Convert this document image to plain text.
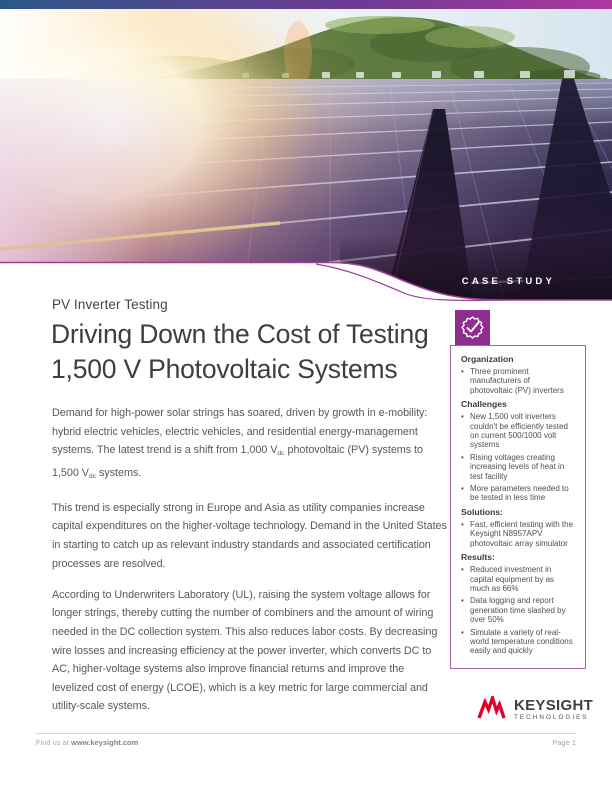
CASE STUDY
PV Inverter Testing
Driving Down the Cost of Testing
1,500 V Photovoltaic Systems

Demand for high-power solar strings has soared, driven by growth in e-mobility: hybrid electric vehicles, electric vehicles, and residential energy-management systems. The latest trend is a shift from 1,000 $V_{dc}$ photovoltaic (PV) systems to 1,500 $V_{dc}$ systems.

This trend is especially strong in Europe and Asia as utility companies increase capital expenditures on the higher-voltage technology. Demand in the United States in starting to catch up as relevant industry standards and associated certification processes are resolved.

According to Underwriters Laboratory (UL), raising the system voltage allows for longer strings, thereby cutting the number of combiners and the amount of wiring needed in the DC collection system. This also reduces labor costs. By decreasing wire losses and increasing efficiency at the power inverter, which converts DC to AC, higher-voltage systems also improve financial returns and improve the levelized cost of energy (LCOE), which is a key metric for large commercial and utility-scale systems.

Organization
• Three prominent manufacturers of photovoltaic (PV) inverters
Challenges
• New 1,500 volt inverters couldn't be efficiently tested on current 500/1000 volt systems
• Rising voltages creating increasing levels of heat in test facility
• More parameters needed to be tested in less time
Solutions:
• Fast, efficient testing with the Keysight N8957APV photovoltaic array simulator
Results:
• Reduced investment in capital equipment by as much as 66%
• Data logging and report generation time slashed by over 50%
• Simulate a variety of real-world temperature conditions easily and quickly
KEYSIGHT
TECHNOLOGIES
Find us at www.keysight.com	Page 1
